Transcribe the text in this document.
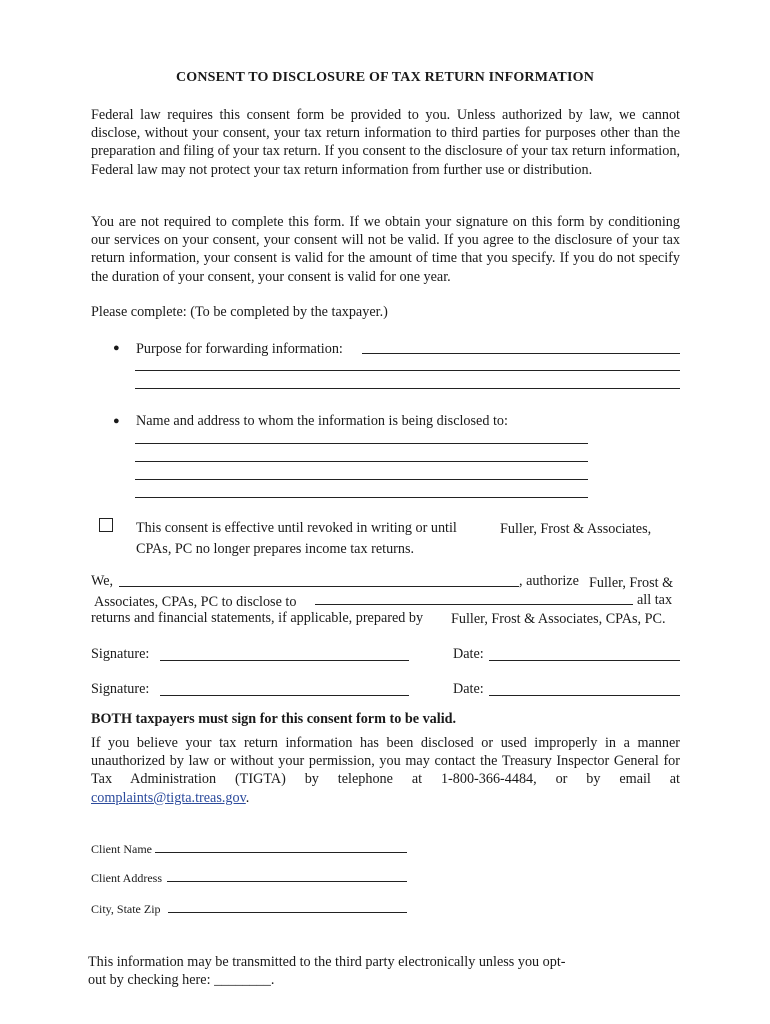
CONSENT TO DISCLOSURE OF TAX RETURN INFORMATION
Federal law requires this consent form be provided to you. Unless authorized by law, we cannot disclose, without your consent, your tax return information to third parties for purposes other than the preparation and filing of your tax return. If you consent to the disclosure of your tax return information, Federal law may not protect your tax return information from further use or distribution.
You are not required to complete this form. If we obtain your signature on this form by conditioning our services on your consent, your consent will not be valid. If you agree to the disclosure of your tax return information, your consent is valid for the amount of time that you specify. If you do not specify the duration of your consent, your consent is valid for one year.
Please complete: (To be completed by the taxpayer.)
● Purpose for forwarding information:
● Name and address to whom the information is being disclosed to:
This consent is effective until revoked in writing or until	Fuller, Frost & Associates,
CPAs, PC no longer prepares income tax returns.
We,	, authorize Fuller, Frost &
Associates, CPAs, PC to disclose to	all tax
returns and financial statements, if applicable, prepared by Fuller, Frost & Associates, CPAs, PC.
Signature:	Date:
Signature:	Date:
BOTH taxpayers must sign for this consent form to be valid.
If you believe your tax return information has been disclosed or used improperly in a manner unauthorized by law or without your permission, you may contact the Treasury Inspector General for Tax Administration (TIGTA) by telephone at 1-800-366-4484, or by email at complaints@tigta.treas.gov.
Client Name
Client Address
City, State Zip
This information may be transmitted to the third party electronically unless you opt-
out by checking here: ________.
